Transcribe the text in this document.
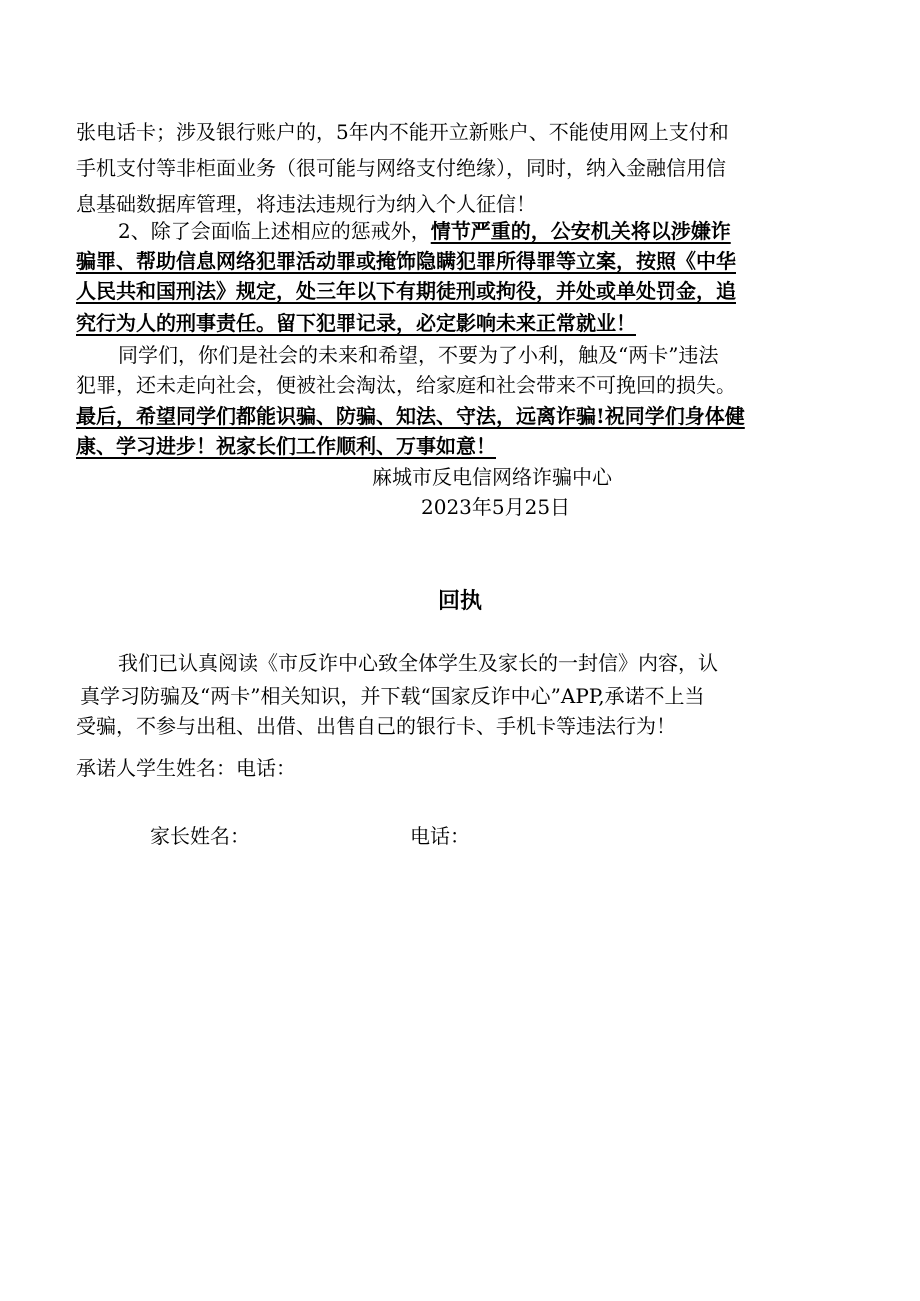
张电话卡；涉及银行账户的，5年内不能开立新账户、不能使用网上支付和
手机支付等非柜面业务（很可能与网络支付绝缘），同时，纳入金融信用信
息基础数据库管理，将违法违规行为纳入个人征信！
2、除了会面临上述相应的惩戒外，情节严重的，公安机关将以涉嫌诈
骗罪、帮助信息网络犯罪活动罪或掩饰隐瞒犯罪所得罪等立案，按照《中华
人民共和国刑法》规定，处三年以下有期徒刑或拘役，并处或单处罚金，追
究行为人的刑事责任。留下犯罪记录，必定影响未来正常就业！
同学们，你们是社会的未来和希望，不要为了小利，触及“两卡”违法
犯罪，还未走向社会，便被社会淘汰，给家庭和社会带来不可挽回的损失。
最后，希望同学们都能识骗、防骗、知法、守法，远离诈骗!祝同学们身体健
康、学习进步！祝家长们工作顺利、万事如意！
麻城市反电信网络诈骗中心
2023年5月25日
回执
我们已认真阅读《市反诈中心致全体学生及家长的一封信》内容，认
真学习防骗及“两卡”相关知识，并下载“国家反诈中心”APP,承诺不上当
受骗，不参与出租、出借、出售自己的银行卡、手机卡等违法行为！
承诺人学生姓名：电话：
家长姓名：	电话：
